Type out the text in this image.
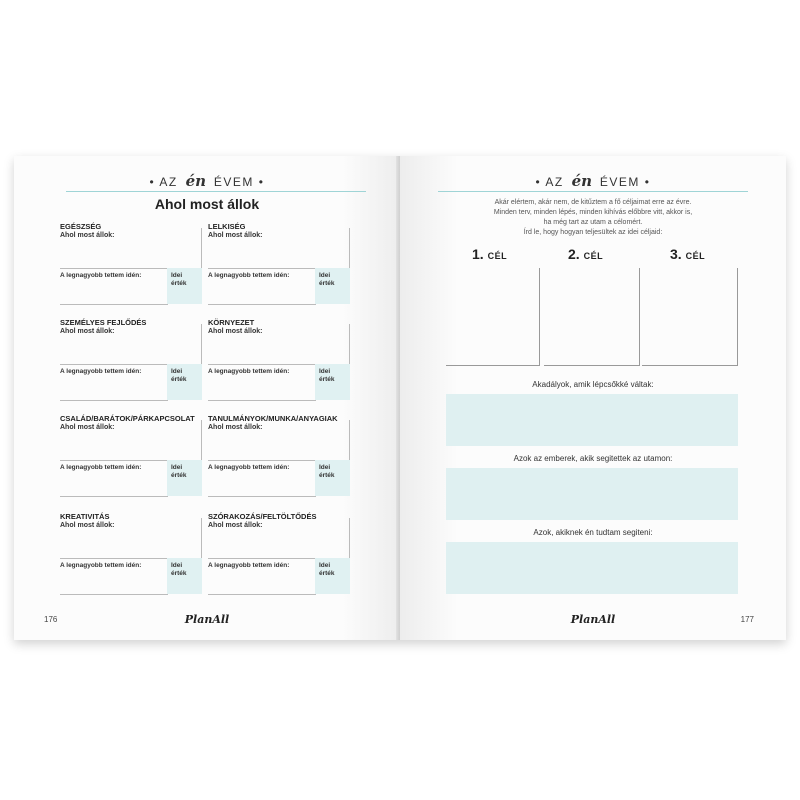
• AZ én ÉVEM •
Ahol most állok
EGÉSZSÉG
Ahol most állok:
A legnagyobb tettem idén:	Idei
érték
LELKISÉG
Ahol most állok:
A legnagyobb tettem idén:	Idei
érték
SZEMÉLYES FEJLŐDÉS
Ahol most állok:
A legnagyobb tettem idén:	Idei
érték
KÖRNYEZET
Ahol most állok:
A legnagyobb tettem idén:	Idei
érték
CSALÁD/BARÁTOK/PÁRKAPCSOLAT
Ahol most állok:
A legnagyobb tettem idén:	Idei
érték
TANULMÁNYOK/MUNKA/ANYAGIAK
Ahol most állok:
A legnagyobb tettem idén:	Idei
érték
KREATIVITÁS
Ahol most állok:
A legnagyobb tettem idén:	Idei
érték
SZÓRAKOZÁS/FELTÖLTŐDÉS
Ahol most állok:
A legnagyobb tettem idén:	Idei
érték
176	PlanAll
• AZ én ÉVEM •
Akár elértem, akár nem, de kitűztem a fő céljaimat erre az évre.
Minden terv, minden lépés, minden kihívás előbbre vitt, akkor is,
ha még tart az utam a célomért.
Írd le, hogy hogyan teljesültek az idei céljaid:
1. CÉL	2. CÉL	3. CÉL
Akadályok, amik lépcsőkké váltak:
Azok az emberek, akik segitettek az utamon:
Azok, akiknek én tudtam segiteni:
177
PlanAll
